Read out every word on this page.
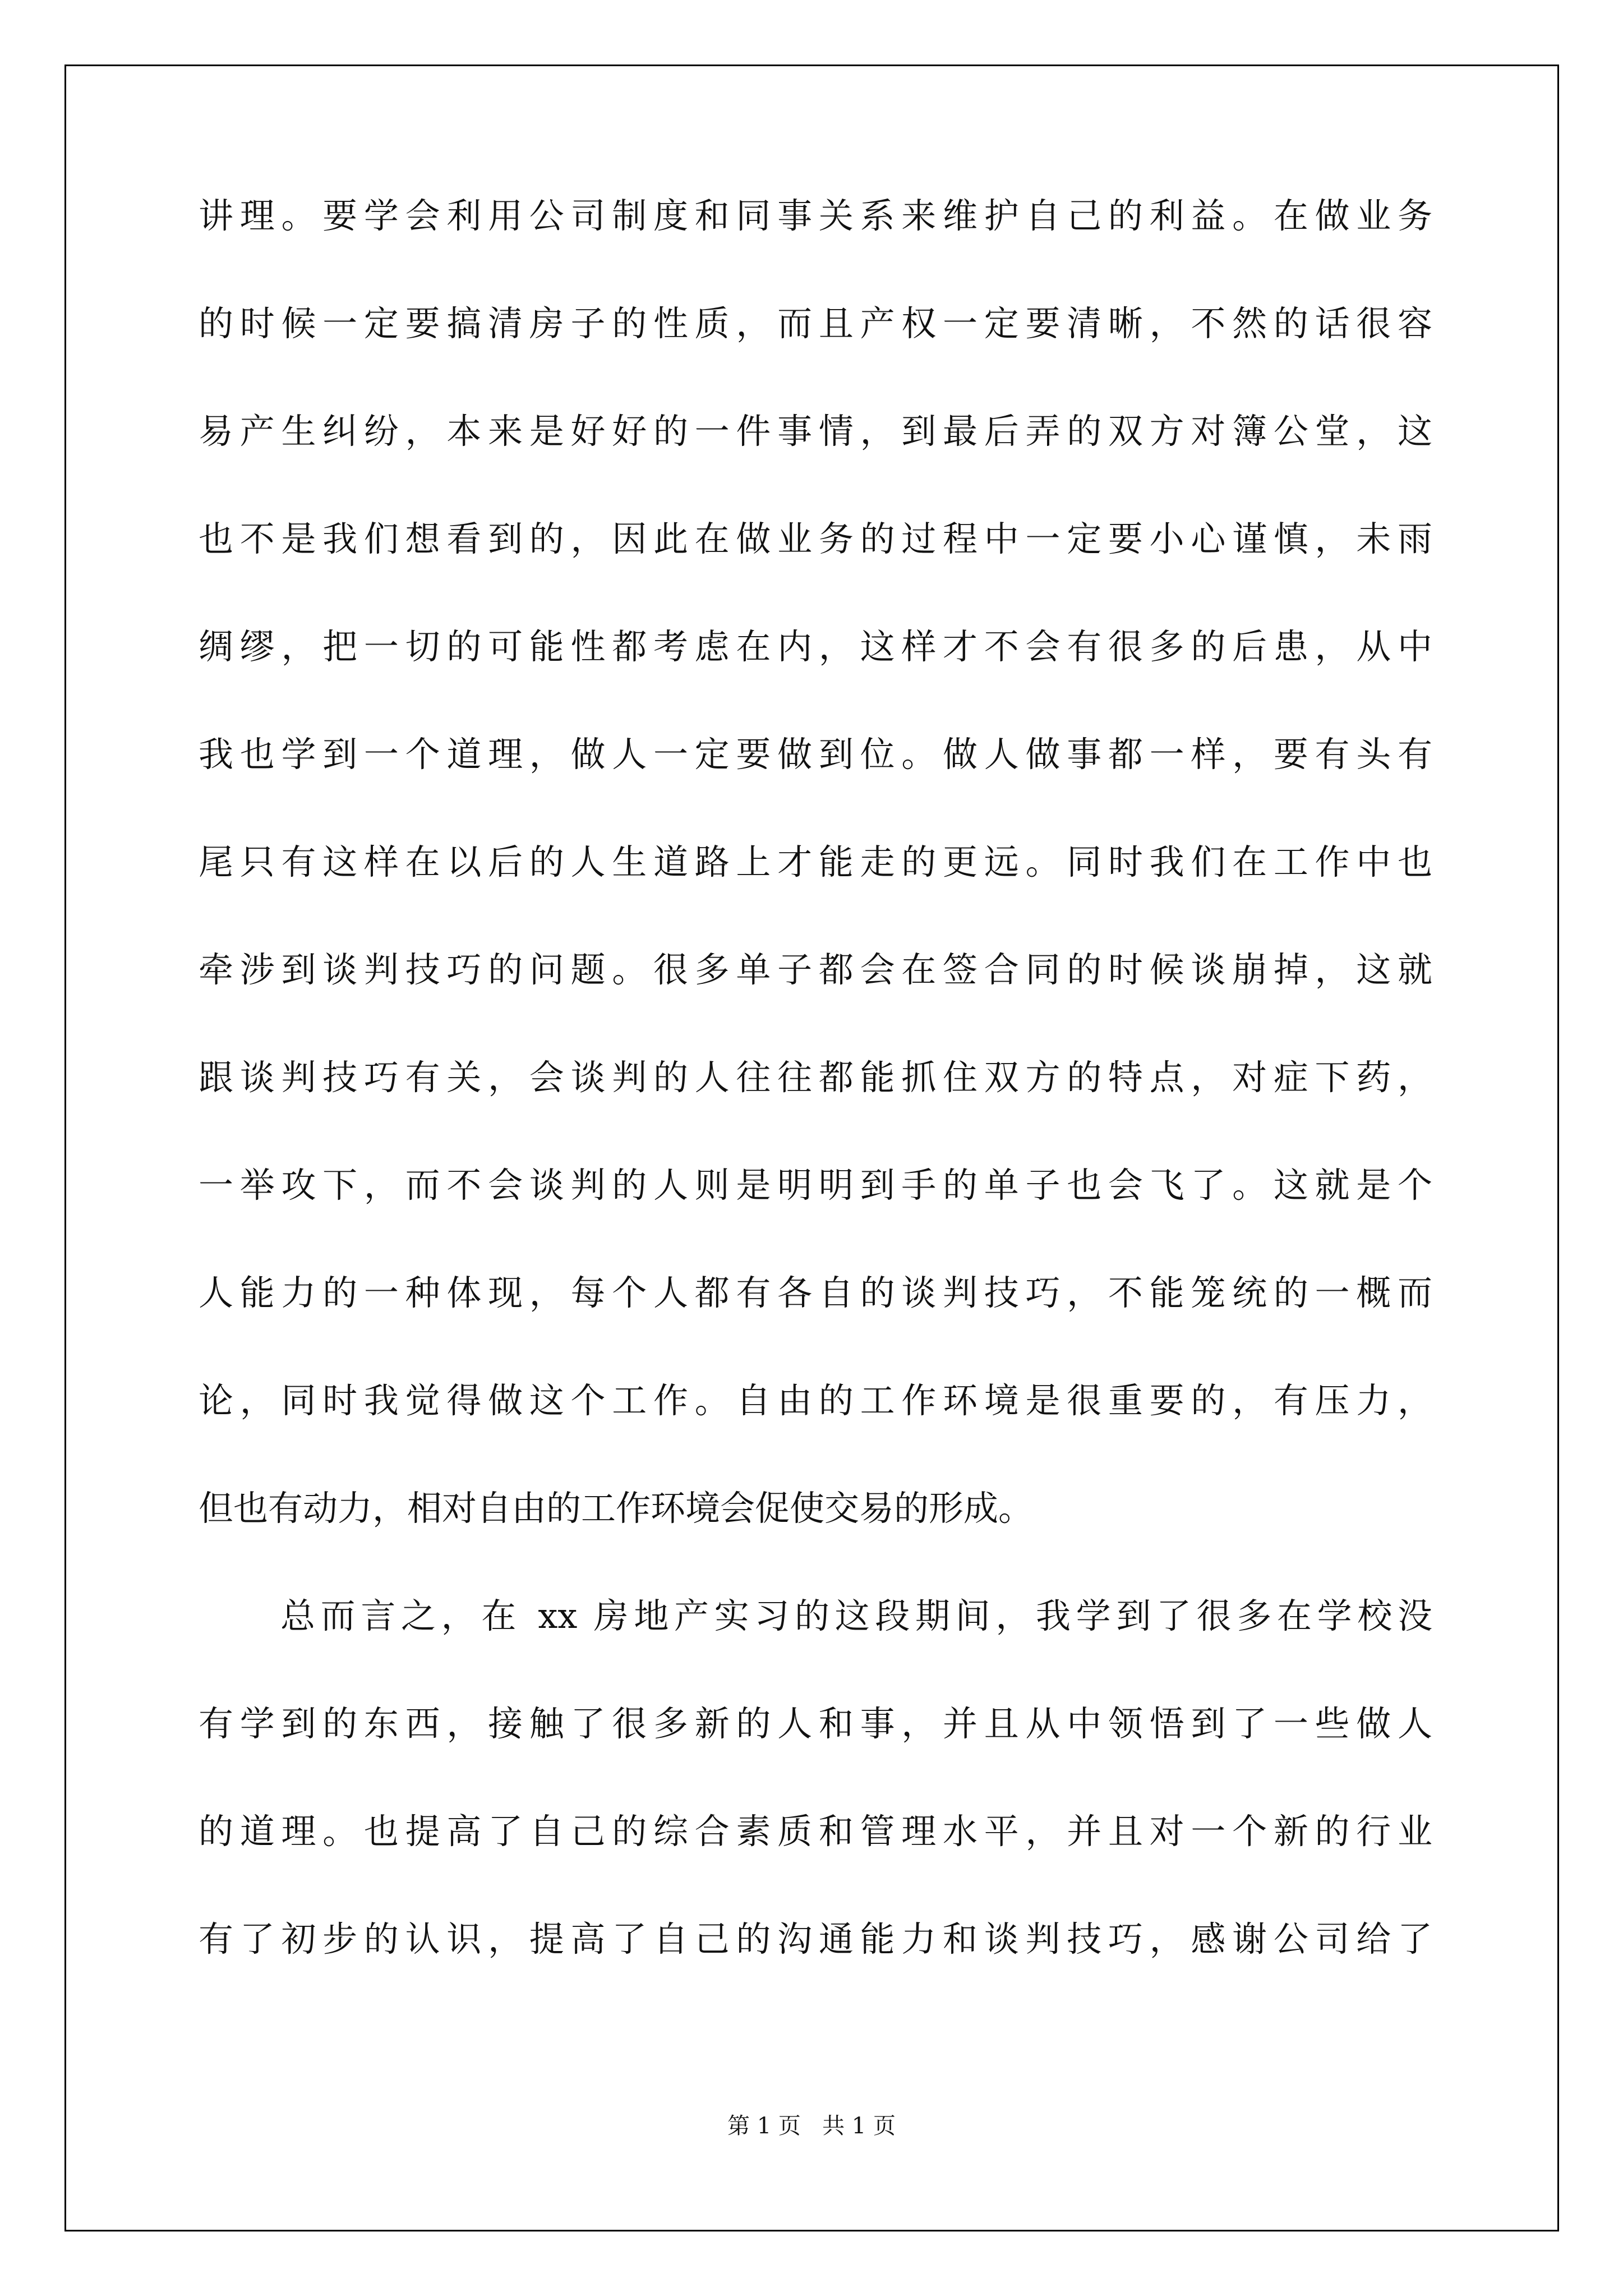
讲理。要学会利用公司制度和同事关系来维护自己的利益。在做业务
的时候一定要搞清房子的性质，而且产权一定要清晰，不然的话很容
易产生纠纷，本来是好好的一件事情，到最后弄的双方对簿公堂，这
也不是我们想看到的，因此在做业务的过程中一定要小心谨慎，未雨
绸缪，把一切的可能性都考虑在内，这样才不会有很多的后患，从中
我也学到一个道理，做人一定要做到位。做人做事都一样，要有头有
尾只有这样在以后的人生道路上才能走的更远。同时我们在工作中也
牵涉到谈判技巧的问题。很多单子都会在签合同的时候谈崩掉，这就
跟谈判技巧有关，会谈判的人往往都能抓住双方的特点，对症下药，
一举攻下，而不会谈判的人则是明明到手的单子也会飞了。这就是个
人能力的一种体现，每个人都有各自的谈判技巧，不能笼统的一概而
论，同时我觉得做这个工作。自由的工作环境是很重要的，有压力，
但也有动力，相对自由的工作环境会促使交易的形成。
总而言之，在 xx 房地产实习的这段期间，我学到了很多在学校没
有学到的东西，接触了很多新的人和事，并且从中领悟到了一些做人
的道理。也提高了自己的综合素质和管理水平，并且对一个新的行业
有了初步的认识，提高了自己的沟通能力和谈判技巧，感谢公司给了
第 1 页   共 1 页
